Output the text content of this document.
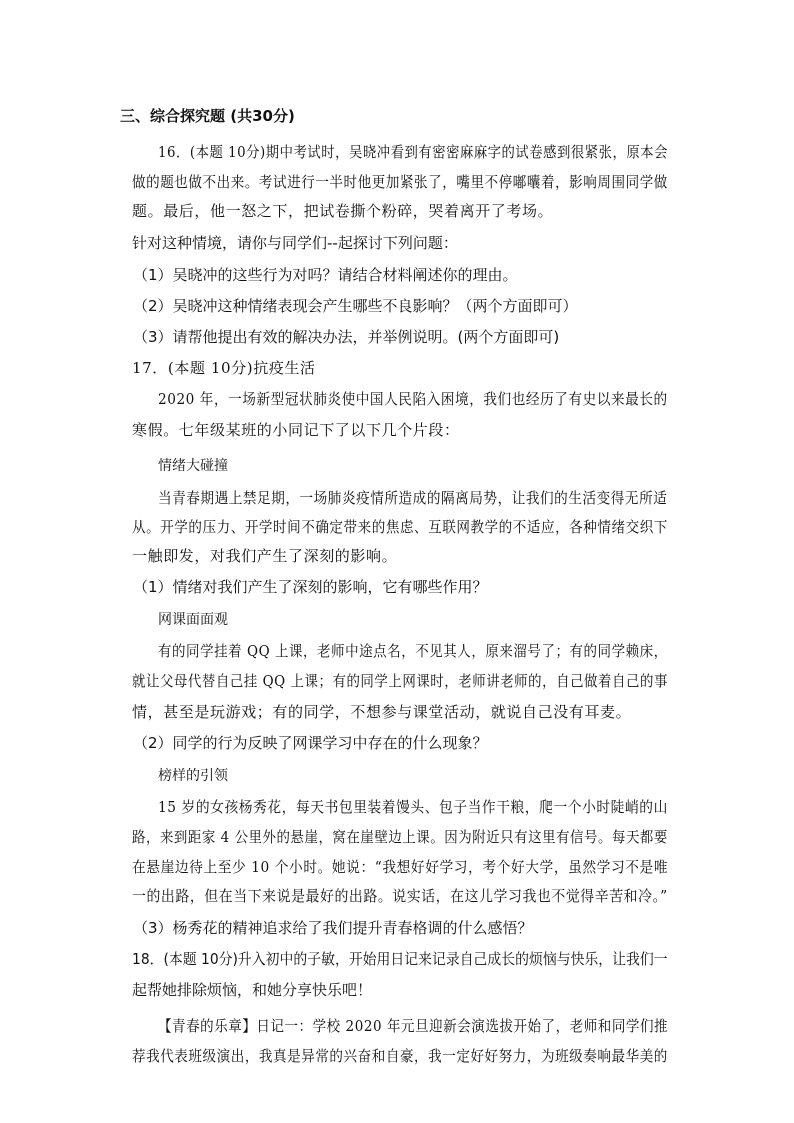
三、综合探究题 (共30分)
16．(本题 10分)期中考试时，吴晓冲看到有密密麻麻字的试卷感到很紧张，原本会
做的题也做不出来。考试进行一半时他更加紧张了，嘴里不停嘟囔着，影响周围同学做
题。最后，他一怒之下，把试卷撕个粉碎，哭着离开了考场。
针对这种情境，请你与同学们--起探讨下列问题：
（1）吴晓冲的这些行为对吗？请结合材料阐述你的理由。
（2）吴晓冲这种情绪表现会产生哪些不良影响？（两个方面即可）
（3）请帮他提出有效的解决办法，并举例说明。(两个方面即可)
17．(本题 10分)抗疫生活
2020 年，一场新型冠状肺炎使中国人民陷入困境，我们也经历了有史以来最长的
寒假。七年级某班的小同记下了以下几个片段：
情绪大碰撞
当青春期遇上禁足期，一场肺炎疫情所造成的隔离局势，让我们的生活变得无所适
从。开学的压力、开学时间不确定带来的焦虑、互联网教学的不适应，各种情绪交织下
一触即发，对我们产生了深刻的影响。
（1）情绪对我们产生了深刻的影响，它有哪些作用？
网课面面观
有的同学挂着 QQ 上课，老师中途点名，不见其人，原来溜号了；有的同学赖床，
就让父母代替自己挂 QQ 上课；有的同学上网课时，老师讲老师的，自己做着自己的事
情，甚至是玩游戏；有的同学，不想参与课堂活动，就说自己没有耳麦。
（2）同学的行为反映了网课学习中存在的什么现象？
榜样的引领
15 岁的女孩杨秀花，每天书包里装着馒头、包子当作干粮，爬一个小时陡峭的山
路，来到距家 4 公里外的悬崖，窝在崖壁边上课。因为附近只有这里有信号。每天都要
在悬崖边待上至少 10 个小时。她说：“我想好好学习，考个好大学，虽然学习不是唯
一的出路，但在当下来说是最好的出路。说实话，在这儿学习我也不觉得辛苦和冷。”
（3）杨秀花的精神追求给了我们提升青春格调的什么感悟？
18．(本题 10分)升入初中的子敏，开始用日记来记录自己成长的烦恼与快乐，让我们一
起帮她排除烦恼，和她分享快乐吧！
【青春的乐章】日记一：学校 2020 年元旦迎新会演选拔开始了，老师和同学们推
荐我代表班级演出，我真是异常的兴奋和自豪，我一定好好努力，为班级奏响最华美的
